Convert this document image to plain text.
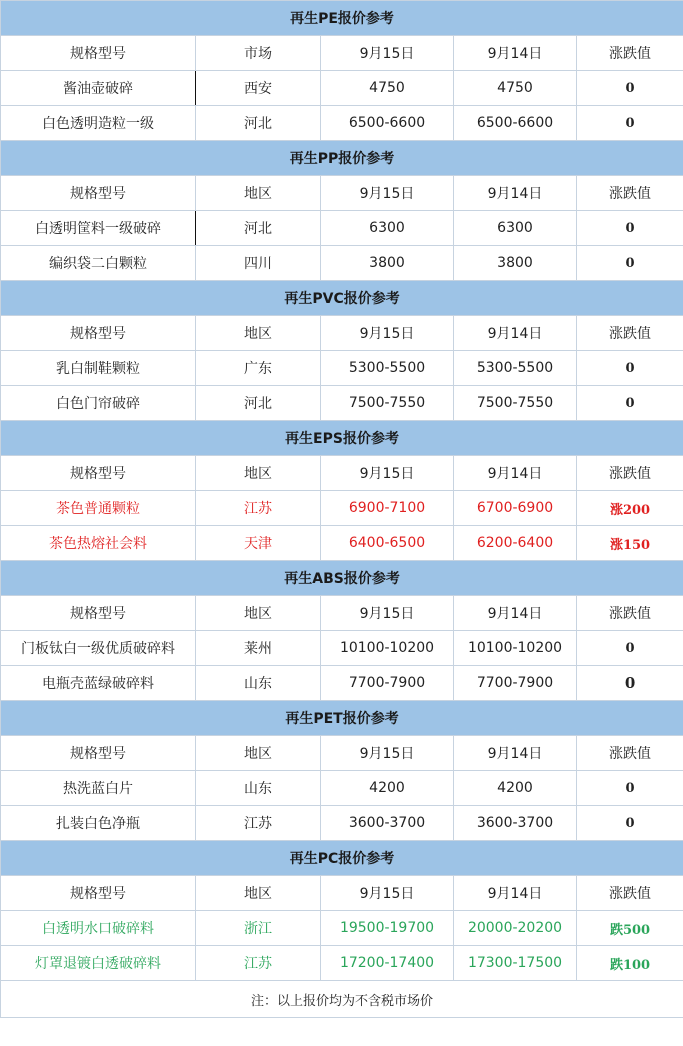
再生PE报价参考				
规格型号	市场	9月15日	9月14日	涨跌值
酱油壶破碎	西安	4750	4750	0
白色透明造粒一级	河北	6500-6600	6500-6600	0
再生PP报价参考				
规格型号	地区	9月15日	9月14日	涨跌值
白透明筐料一级破碎	河北	6300	6300	0
编织袋二白颗粒	四川	3800	3800	0
再生PVC报价参考				
规格型号	地区	9月15日	9月14日	涨跌值
乳白制鞋颗粒	广东	5300-5500	5300-5500	0
白色门帘破碎	河北	7500-7550	7500-7550	0
再生EPS报价参考				
规格型号	地区	9月15日	9月14日	涨跌值
茶色普通颗粒	江苏	6900-7100	6700-6900	涨200
茶色热熔社会料	天津	6400-6500	6200-6400	涨150
再生ABS报价参考				
规格型号	地区	9月15日	9月14日	涨跌值
门板钛白一级优质破碎料	莱州	10100-10200	10100-10200	0
电瓶壳蓝绿破碎料	山东	7700-7900	7700-7900	0
再生PET报价参考				
规格型号	地区	9月15日	9月14日	涨跌值
热洗蓝白片	山东	4200	4200	0
扎装白色净瓶	江苏	3600-3700	3600-3700	0
再生PC报价参考				
规格型号	地区	9月15日	9月14日	涨跌值
白透明水口破碎料	浙江	19500-19700	20000-20200	跌500
灯罩退镀白透破碎料	江苏	17200-17400	17300-17500	跌100
注：以上报价均为不含税市场价				
